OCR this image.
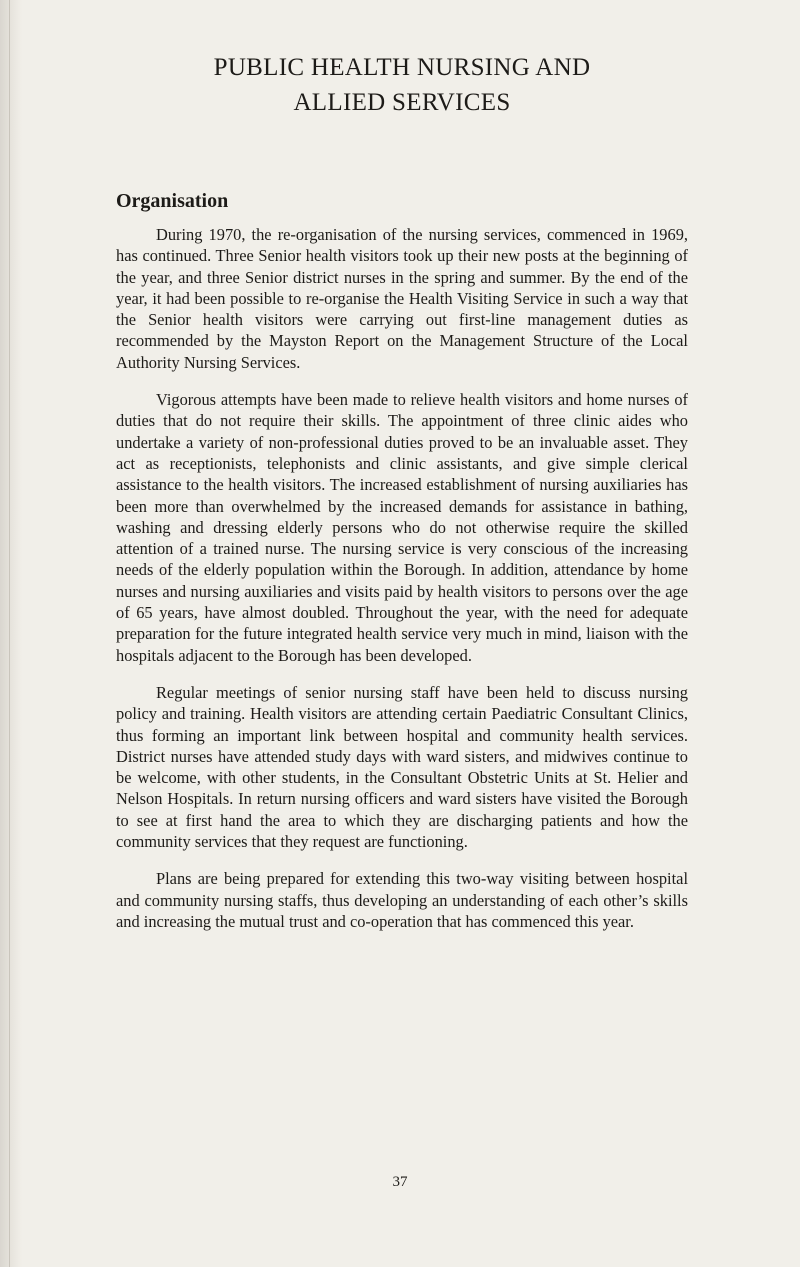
PUBLIC HEALTH NURSING AND
ALLIED SERVICES
Organisation

During 1970, the re-organisation of the nursing services, commenced in 1969, has continued. Three Senior health visitors took up their new posts at the beginning of the year, and three Senior district nurses in the spring and summer. By the end of the year, it had been possible to re-organise the Health Visiting Service in such a way that the Senior health visitors were carrying out first-line management duties as recommended by the Mayston Report on the Management Structure of the Local Authority Nursing Services.

Vigorous attempts have been made to relieve health visitors and home nurses of duties that do not require their skills. The appointment of three clinic aides who undertake a variety of non-professional duties proved to be an invaluable asset. They act as receptionists, telephonists and clinic assistants, and give simple clerical assistance to the health visitors. The increased establishment of nursing auxiliaries has been more than overwhelmed by the increased demands for assistance in bathing, washing and dressing elderly persons who do not otherwise require the skilled attention of a trained nurse. The nursing service is very conscious of the increasing needs of the elderly population within the Borough. In addition, attendance by home nurses and nursing auxiliaries and visits paid by health visitors to persons over the age of 65 years, have almost doubled. Throughout the year, with the need for adequate preparation for the future integrated health service very much in mind, liaison with the hospitals adjacent to the Borough has been developed.

Regular meetings of senior nursing staff have been held to discuss nursing policy and training. Health visitors are attending certain Paediatric Consultant Clinics, thus forming an important link between hospital and community health services. District nurses have attended study days with ward sisters, and midwives continue to be welcome, with other students, in the Consultant Obstetric Units at St. Helier and Nelson Hospitals. In return nursing officers and ward sisters have visited the Borough to see at first hand the area to which they are discharging patients and how the community services that they request are functioning.

Plans are being prepared for extending this two-way visiting between hospital and community nursing staffs, thus developing an understanding of each other’s skills and increasing the mutual trust and co-operation that has commenced this year.

37
